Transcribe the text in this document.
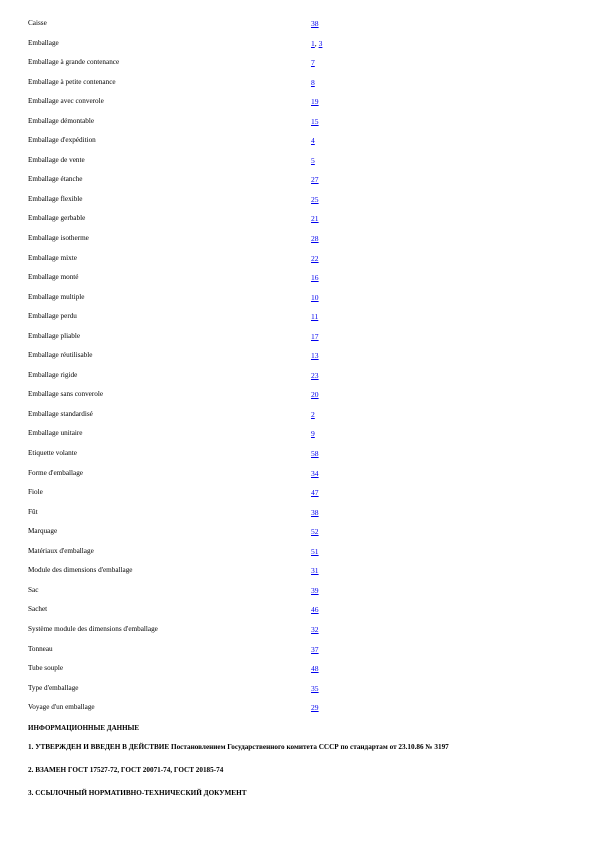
Caisse	38
Emballage	1, 3
Emballage à grande contenance	7
Emballage à petite contenance	8
Emballage avec converole	19
Emballage démontable	15
Emballage d'expédition	4
Emballage de vente	5
Emballage étanche	27
Emballage flexible	25
Emballage gerbable	21
Emballage isotherme	28
Emballage mixte	22
Emballage monté	16
Emballage multiple	10
Emballage perdu	11
Emballage pliable	17
Emballage réutilisable	13
Emballage rigide	23
Emballage sans converole	20
Emballage standardisé	2
Emballage unitaire	9
Etiquette volante	58
Forme d'emballage	34
Fiole	47
Fût	38
Marquage	52
Matériaux d'emballage	51
Module des dimensions d'emballage	31
Sac	39
Sachet	46
Système module des dimensions d'emballage	32
Tonneau	37
Tube souple	48
Type d'emballage	35
Voyage d'un emballage	29
ИНФОРМАЦИОННЫЕ ДАННЫЕ
1. УТВЕРЖДЕН И ВВЕДЕН В ДЕЙСТВИЕ Постановлением Государственного комитета СССР по стандартам от 23.10.86 № 3197
2. ВЗАМЕН ГОСТ 17527-72, ГОСТ 20071-74, ГОСТ 20185-74
3. ССЫЛОЧНЫЙ НОРМАТИВНО-ТЕХНИЧЕСКИЙ ДОКУМЕНТ
